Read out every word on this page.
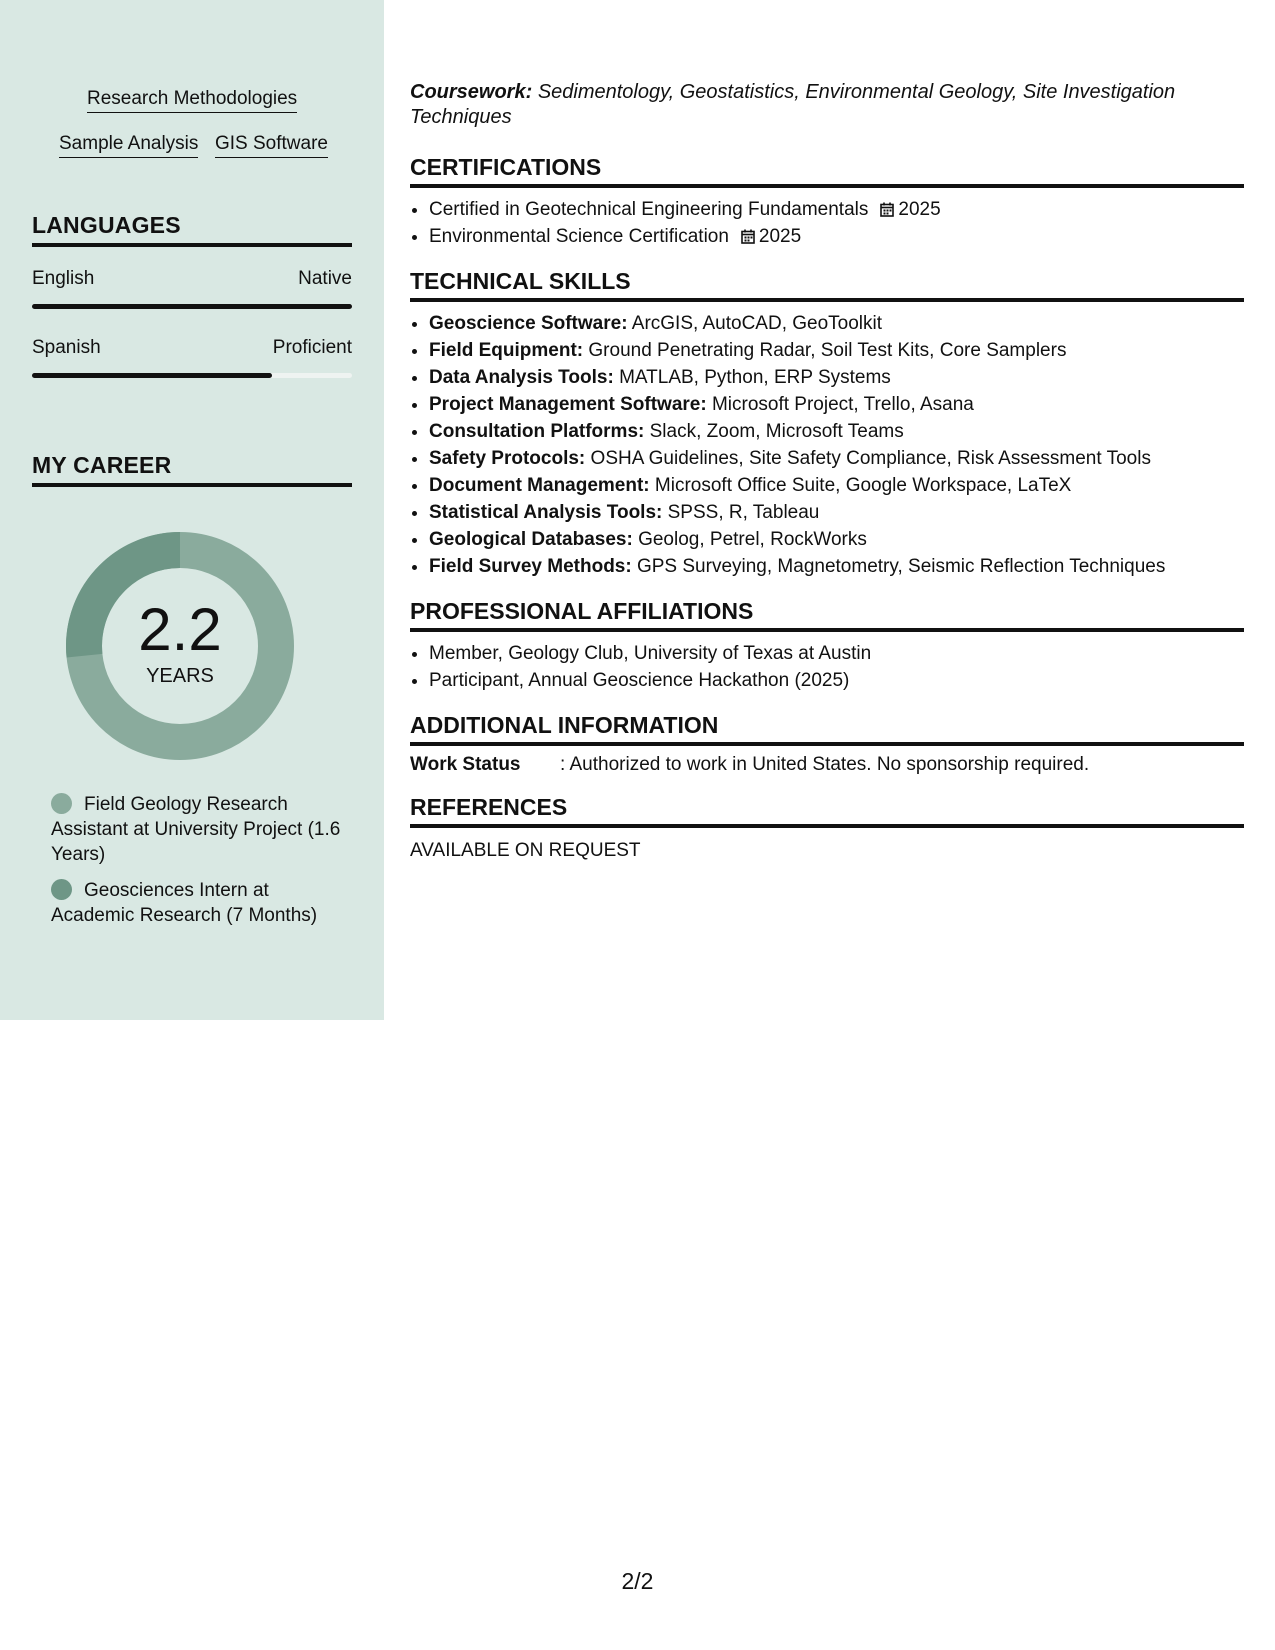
Research Methodologies
Sample Analysis GIS Software
LANGUAGES
English	Native
Spanish	Proficient
MY CAREER
2.2
YEARS
Field Geology Research Assistant at University Project (1.6 Years)
Geosciences Intern at Academic Research (7 Months)

Coursework: Sedimentology, Geostatistics, Environmental Geology, Site Investigation Techniques

CERTIFICATIONS
• Certified in Geotechnical Engineering Fundamentals 2025
• Environmental Science Certification 2025
TECHNICAL SKILLS
• Geoscience Software: ArcGIS, AutoCAD, GeoToolkit
• Field Equipment: Ground Penetrating Radar, Soil Test Kits, Core Samplers
• Data Analysis Tools: MATLAB, Python, ERP Systems
• Project Management Software: Microsoft Project, Trello, Asana
• Consultation Platforms: Slack, Zoom, Microsoft Teams
• Safety Protocols: OSHA Guidelines, Site Safety Compliance, Risk Assessment Tools
• Document Management: Microsoft Office Suite, Google Workspace, LaTeX
• Statistical Analysis Tools: SPSS, R, Tableau
• Geological Databases: Geolog, Petrel, RockWorks
• Field Survey Methods: GPS Surveying, Magnetometry, Seismic Reflection Techniques
PROFESSIONAL AFFILIATIONS
• Member, Geology Club, University of Texas at Austin
• Participant, Annual Geoscience Hackathon (2025)
ADDITIONAL INFORMATION
Work Status : Authorized to work in United States. No sponsorship required.
REFERENCES
AVAILABLE ON REQUEST
2/2
